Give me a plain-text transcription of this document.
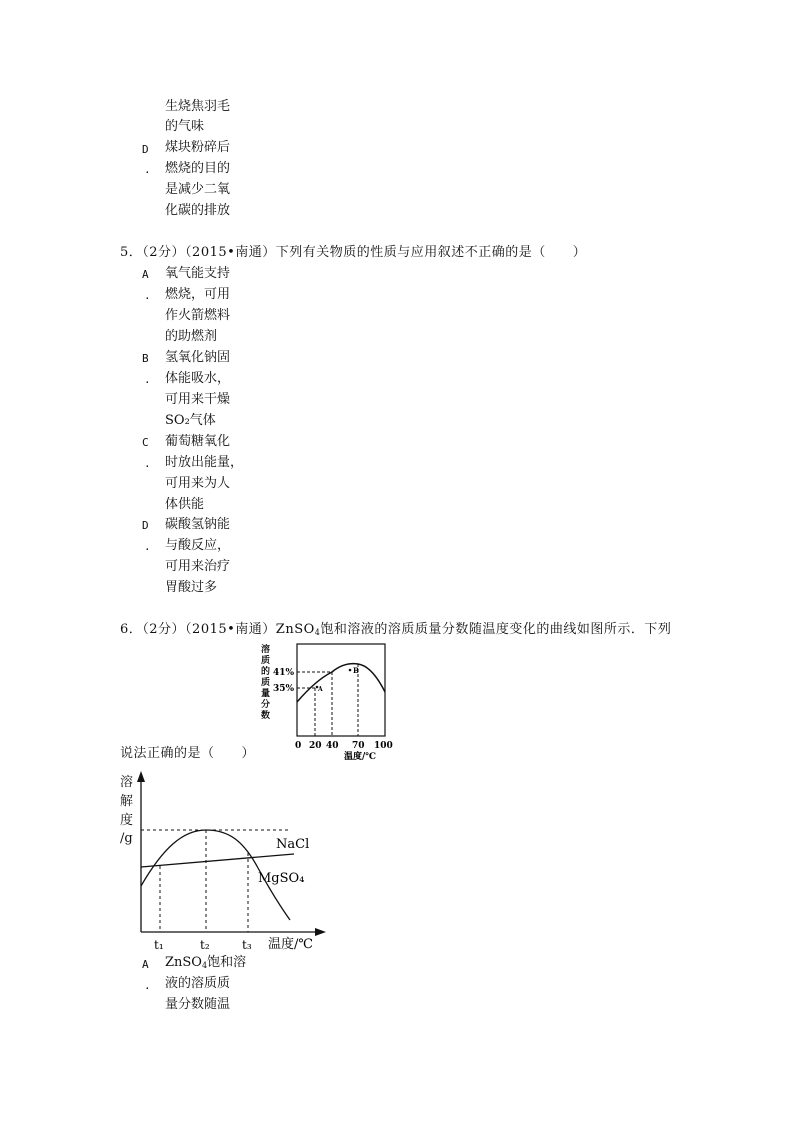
生烧焦羽毛
的气味
D
.
煤块粉碎后
燃烧的目的
是减少二氧
化碳的排放
5．（2分）（2015•南通）下列有关物质的性质与应用叙述不正确的是（　　）
A
.
氧气能支持
燃烧，可用
作火箭燃料
的助燃剂
B
.
氢氧化钠固
体能吸水，
可用来干燥
SO₂气体
C
.
葡萄糖氧化
时放出能量，
可用来为人
体供能
D
.
碳酸氢钠能
与酸反应，
可用来治疗
胃酸过多
6．（2分）（2015•南通）ZnSO$_4$饱和溶液的溶质质量分数随温度变化的曲线如图所示．下列
溶
质
的
质
量
分
数
41%
35%	A
B
0 20 40 70 100
温度/℃
说法正确的是（　　）
溶
解
度
/g	NaCl
MgSO₄
t₁	t₂	t₃ 温度/℃
A
.
ZnSO$_4$饱和溶
液的溶质质
量分数随温
